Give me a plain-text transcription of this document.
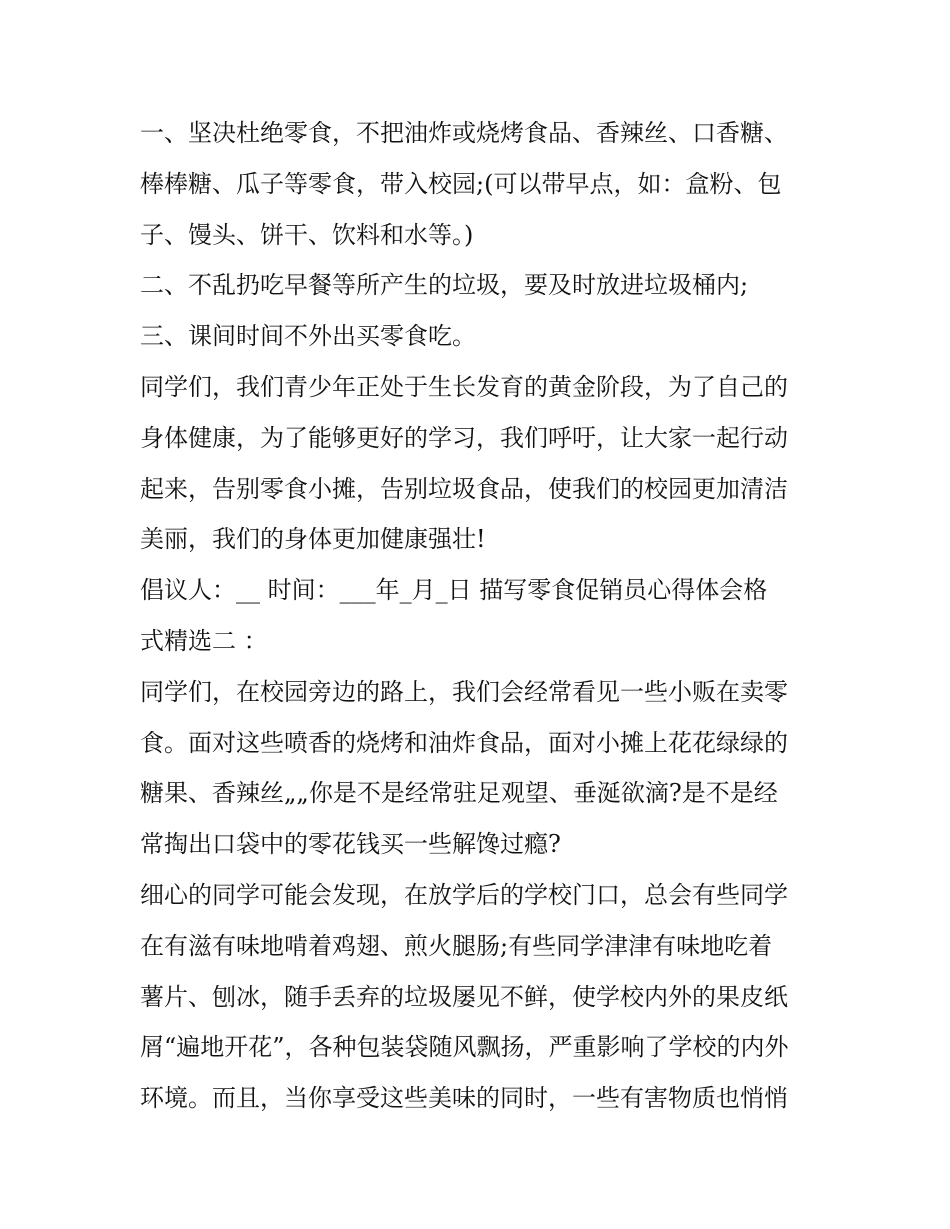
一、坚决杜绝零食，不把油炸或烧烤食品、香辣丝、口香糖、
棒棒糖、瓜子等零食，带入校园;(可以带早点，如：盒粉、包
子、馒头、饼干、饮料和水等。)
二、不乱扔吃早餐等所产生的垃圾，要及时放进垃圾桶内;
三、课间时间不外出买零食吃。
同学们，我们青少年正处于生长发育的黄金阶段，为了自己的
身体健康，为了能够更好的学习，我们呼吁，让大家一起行动
起来，告别零食小摊，告别垃圾食品，使我们的校园更加清洁
美丽，我们的身体更加健康强壮!
倡议人：__ 时间：___年_月_日 描写零食促销员心得体会格
式精选二 ：
同学们，在校园旁边的路上，我们会经常看见一些小贩在卖零
食。面对这些喷香的烧烤和油炸食品，面对小摊上花花绿绿的
糖果、香辣丝„„你是不是经常驻足观望、垂涎欲滴?是不是经
常掏出口袋中的零花钱买一些解馋过瘾?
细心的同学可能会发现，在放学后的学校门口，总会有些同学
在有滋有味地啃着鸡翅、煎火腿肠;有些同学津津有味地吃着
薯片、刨冰，随手丢弃的垃圾屡见不鲜，使学校内外的果皮纸
屑“遍地开花”，各种包装袋随风飘扬，严重影响了学校的内外
环境。而且，当你享受这些美味的同时，一些有害物质也悄悄
